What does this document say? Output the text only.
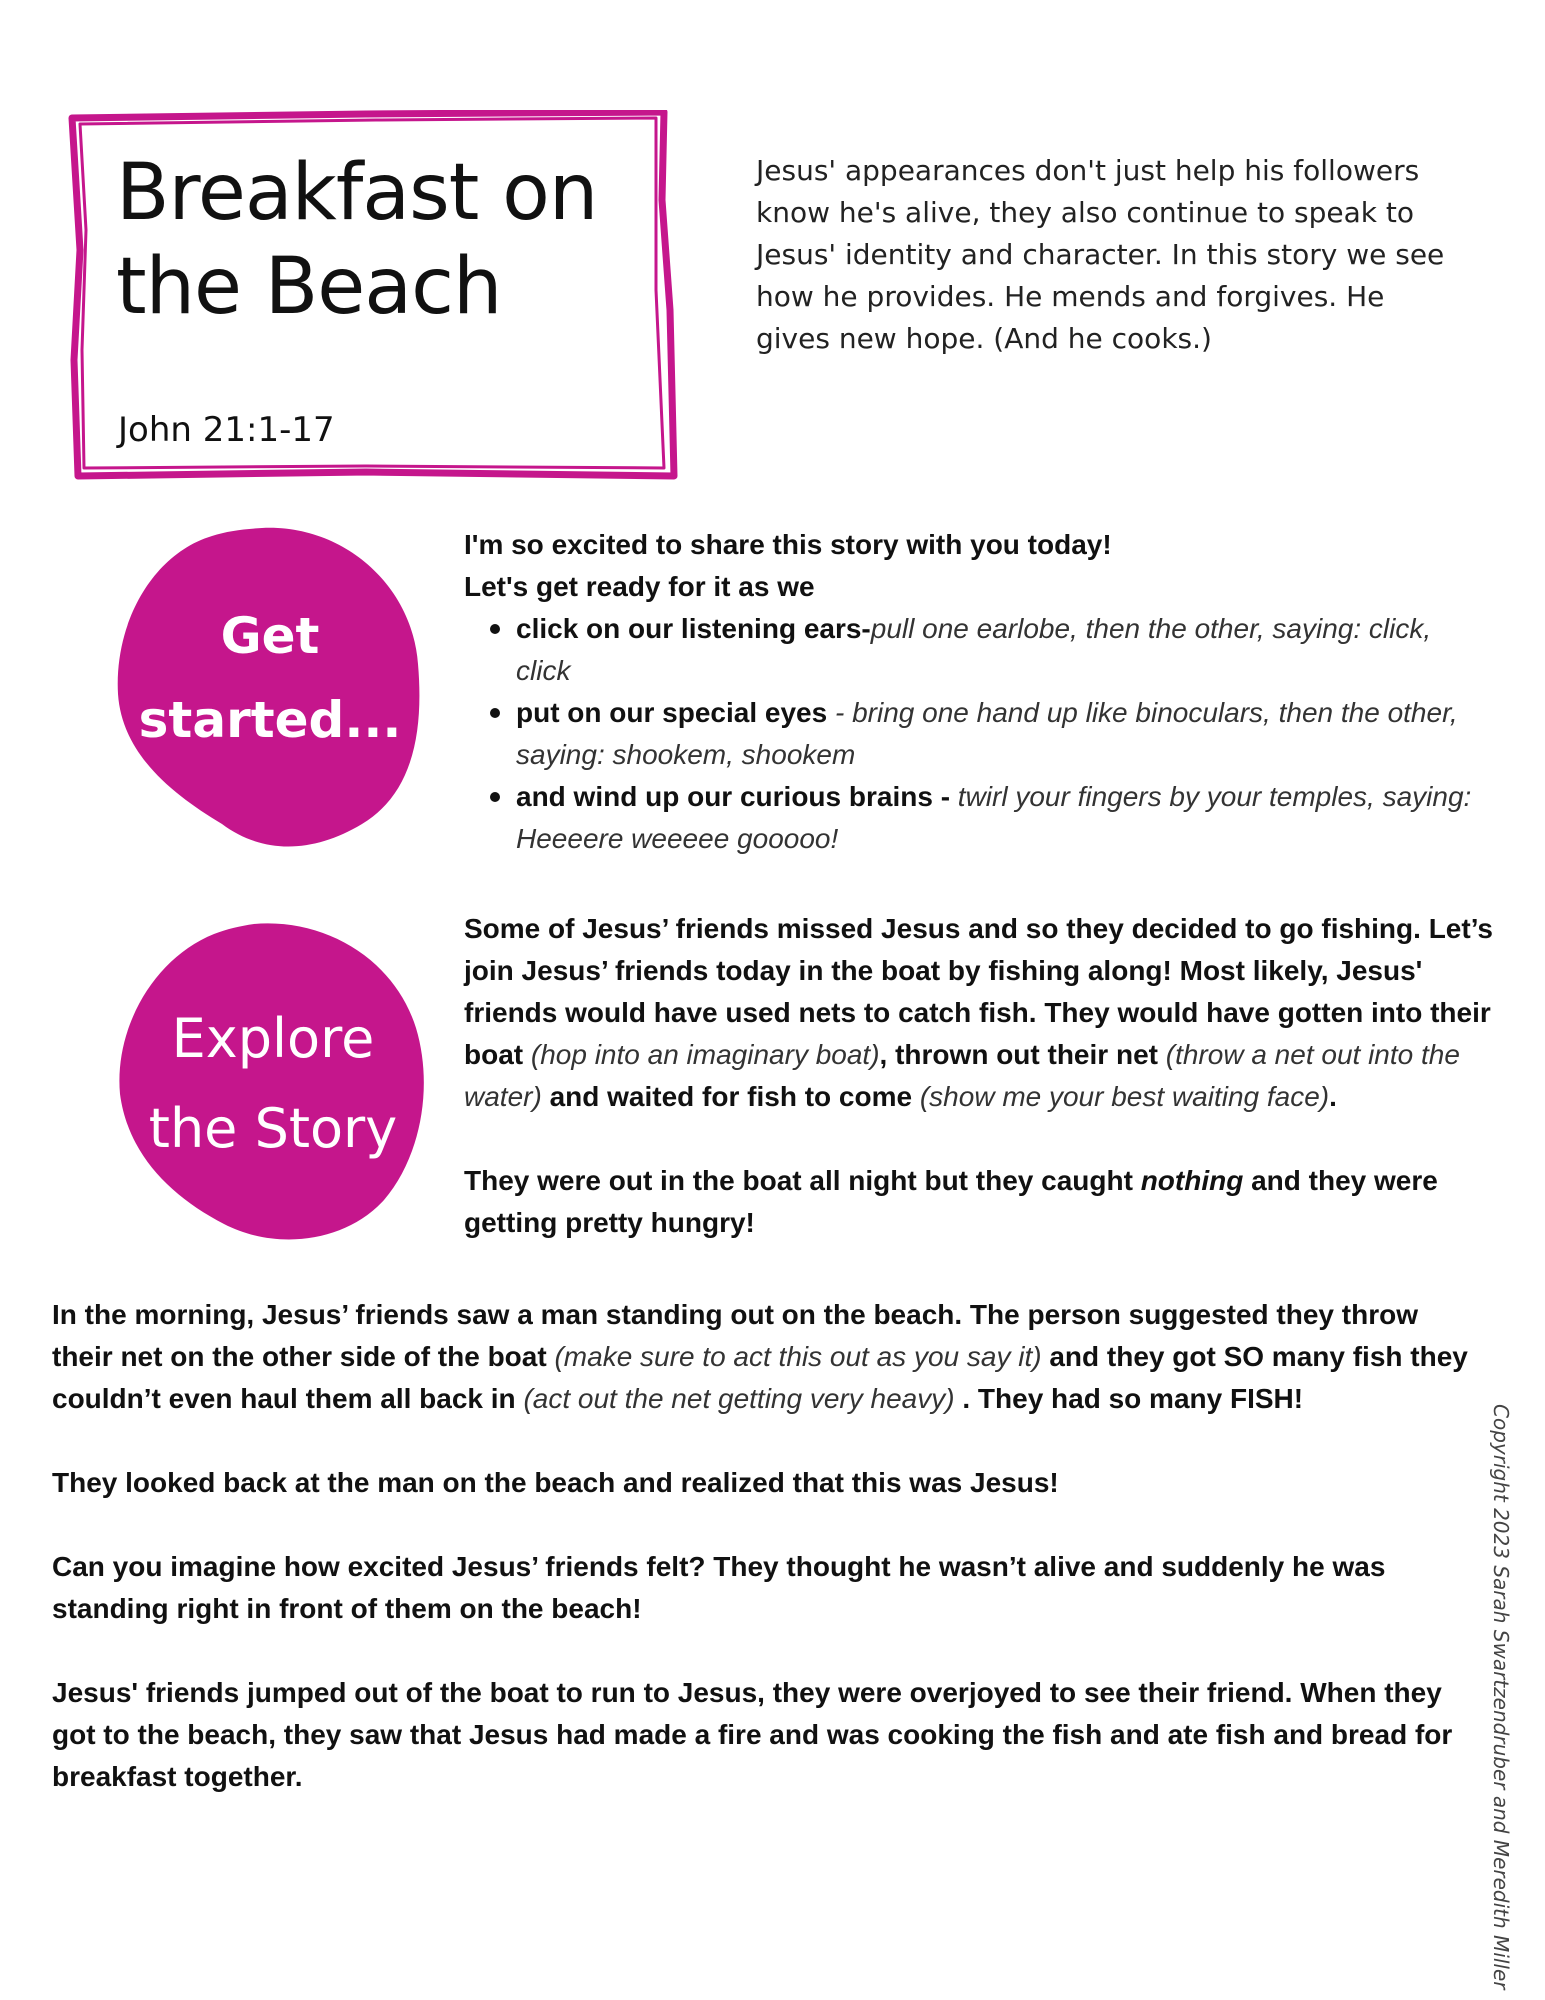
Breakfast on
the Beach
John 21:1-17

Jesus' appearances don't just help his followers know he's alive, they also continue to speak to Jesus' identity and character. In this story we see how he provides. He mends and forgives. He gives new hope. (And he cooks.)

Get
started...
I'm so excited to share this story with you today!
Let's get ready for it as we
click on our listening ears-pull one earlobe, then the other, saying: click, click
put on our special eyes - bring one hand up like binoculars, then the other, saying: shookem, shookem
and wind up our curious brains - twirl your fingers by your temples, saying: Heeeere weeeee gooooo!
Explore
the Story

Some of Jesus’ friends missed Jesus and so they decided to go fishing. Let’s join Jesus’ friends today in the boat by fishing along! Most likely, Jesus' friends would have used nets to catch fish. They would have gotten into their boat (hop into an imaginary boat), thrown out their net (throw a net out into the water) and waited for fish to come (show me your best waiting face).

They were out in the boat all night but they caught nothing and they were getting pretty hungry!

In the morning, Jesus’ friends saw a man standing out on the beach. The person suggested they throw their net on the other side of the boat (make sure to act this out as you say it) and they got SO many fish they couldn’t even haul them all back in (act out the net getting very heavy) . They had so many FISH!

They looked back at the man on the beach and realized that this was Jesus!

Can you imagine how excited Jesus’ friends felt? They thought he wasn’t alive and suddenly he was standing right in front of them on the beach!

Jesus' friends jumped out of the boat to run to Jesus, they were overjoyed to see their friend. When they got to the beach, they saw that Jesus had made a fire and was cooking the fish and ate fish and bread for breakfast together.	Copyright 2023 Sarah Swartzendruber and Meredith Miller
